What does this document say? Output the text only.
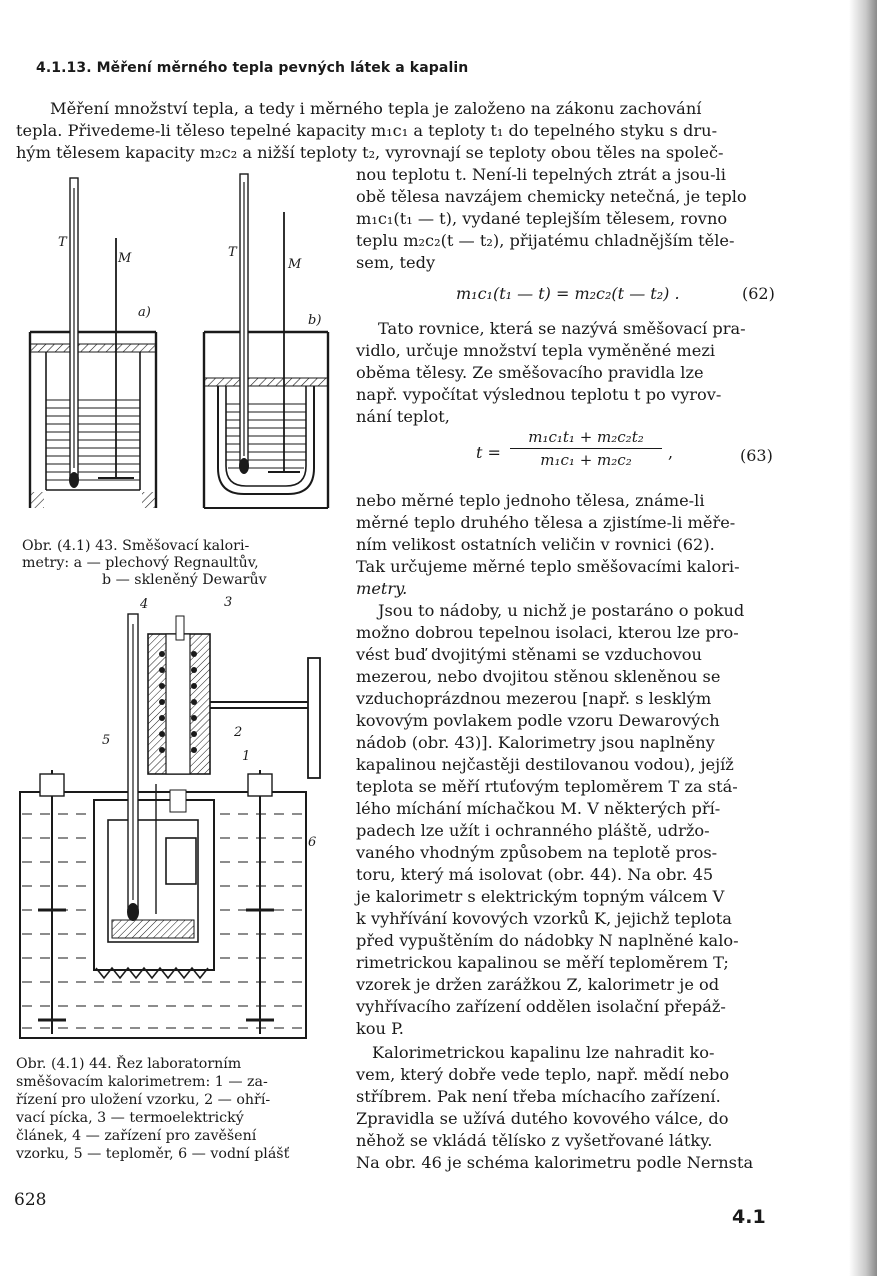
4.1.13. Měření měrného tepla pevných látek a kapalin
Měření množství tepla, a tedy i měrného tepla je založeno na zákonu zachování
tepla. Přivedeme-li těleso tepelné kapacity m₁c₁ a teploty t₁ do tepelného styku s dru-
hým tělesem kapacity m₂c₂ a nižší teploty t₂, vyrovnají se teploty obou těles na společ-
nou teplotu t. Není-li tepelných ztrát a jsou-li
obě tělesa navzájem chemicky netečná, je teplo
m₁c₁(t₁ — t), vydané teplejším tělesem, rovno
teplu m₂c₂(t — t₂), přijatému chladnějším těle-
sem, tedy
m₁c₁(t₁ — t) = m₂c₂(t — t₂) .	(62)
Tato rovnice, která se nazývá směšovací pra-
vidlo, určuje množství tepla vyměněné mezi
oběma tělesy. Ze směšovacího pravidla lze
např. vypočítat výslednou teplotu t po vyrov-
nání teplot,
t =
m₁c₁t₁ + m₂c₂t₂
m₁c₁ + m₂c₂	,	(63)
nebo měrné teplo jednoho tělesa, známe-li
měrné teplo druhého tělesa a zjistíme-li měře-
ním velikost ostatních veličin v rovnici (62).
Tak určujeme měrné teplo směšovacími kalori-
metry.
Jsou to nádoby, u nichž je postaráno o pokud
možno dobrou tepelnou isolaci, kterou lze pro-
vést buď dvojitými stěnami se vzduchovou
mezerou, nebo dvojitou stěnou skleněnou se
vzduchoprázdnou mezerou [např. s lesklým
kovovým povlakem podle vzoru Dewarových
nádob (obr. 43)]. Kalorimetry jsou naplněny
kapalinou nejčastěji destilovanou vodou), jejíž
teplota se měří rtuťovým teploměrem T za stá-
lého míchání míchačkou M. V některých pří-
padech lze užít i ochranného pláště, udržo-
vaného vhodným způsobem na teplotě pros-
toru, který má isolovat (obr. 44). Na obr. 45
je kalorimetr s elektrickým topným válcem V
k vyhřívání kovových vzorků K, jejichž teplota
před vypuštěním do nádobky N naplněné kalo-
rimetrickou kapalinou se měří teploměrem T;
vzorek je držen zarážkou Z, kalorimetr je od
vyhřívacího zařízení oddělen isolační přepáž-
kou P.
Kalorimetrickou kapalinu lze nahradit ko-
vem, který dobře vede teplo, např. mědí nebo
stříbrem. Pak není třeba míchacího zařízení.
Zpravidla se užívá dutého kovového válce, do
něhož se vkládá tělísko z vyšetřované látky.
Na obr. 46 je schéma kalorimetru podle Nernsta
T
M
a)
T
M
b)
Obr. (4.1) 43. Směšovací kalori-
metry: a — plechový Regnaultův,
b — skleněný Dewarův
4	3
2
5
1
6
Obr. (4.1) 44. Řez laboratorním
směšovacím kalorimetrem: 1 — za-
řízení pro uložení vzorku, 2 — ohří-
vací pícka, 3 — termoelektrický
článek, 4 — zařízení pro zavěšení
vzorku, 5 — teploměr, 6 — vodní plášť
628
4.1
